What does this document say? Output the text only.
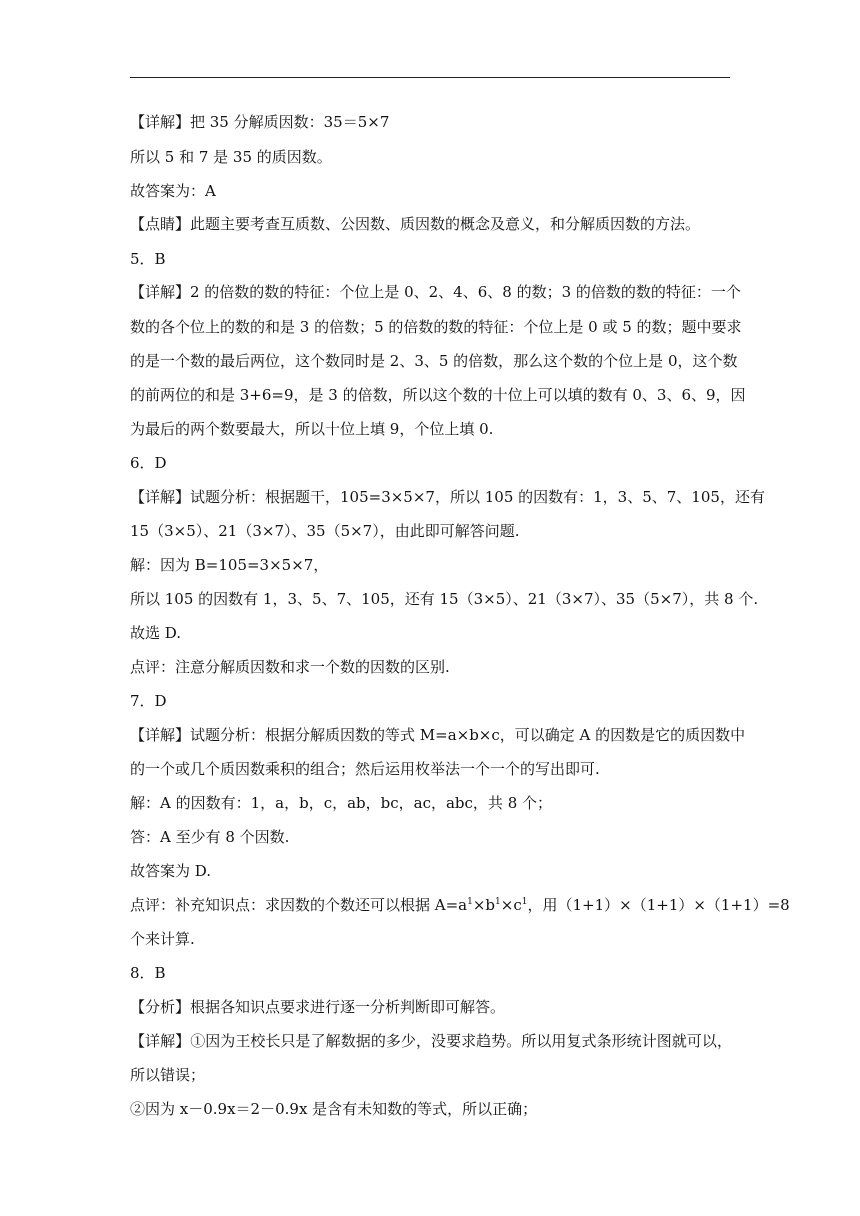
【详解】把 35 分解质因数：35＝5×7
所以 5 和 7 是 35 的质因数。
故答案为：A
【点睛】此题主要考查互质数、公因数、质因数的概念及意义，和分解质因数的方法。
5．B
【详解】2 的倍数的数的特征：个位上是 0、2、4、6、8 的数；3 的倍数的数的特征：一个
数的各个位上的数的和是 3 的倍数；5 的倍数的数的特征：个位上是 0 或 5 的数；题中要求
的是一个数的最后两位，这个数同时是 2、3、5 的倍数，那么这个数的个位上是 0，这个数
的前两位的和是 3+6=9，是 3 的倍数，所以这个数的十位上可以填的数有 0、3、6、9，因
为最后的两个数要最大，所以十位上填 9，个位上填 0.
6．D
【详解】试题分析：根据题干，105=3×5×7，所以 105 的因数有：1，3、5、7、105，还有
15（3×5）、21（3×7）、35（5×7），由此即可解答问题.
解：因为 B=105=3×5×7，
所以 105 的因数有 1，3、5、7、105，还有 15（3×5）、21（3×7）、35（5×7），共 8 个.
故选 D.
点评：注意分解质因数和求一个数的因数的区别.
7．D
【详解】试题分析：根据分解质因数的等式 M=a×b×c，可以确定 A 的因数是它的质因数中
的一个或几个质因数乘积的组合；然后运用枚举法一个一个的写出即可.
解：A 的因数有：1，a，b，c，ab，bc，ac，abc，共 8 个；
答：A 至少有 8 个因数.
故答案为 D.
点评：补充知识点：求因数的个数还可以根据 $A=a^1\times b^1\times c^1$，用（1+1）×（1+1）×（1+1）=8
个来计算.
8．B
【分析】根据各知识点要求进行逐一分析判断即可解答。
【详解】①因为王校长只是了解数据的多少，没要求趋势。所以用复式条形统计图就可以，
所以错误；
②因为 x－0.9x＝2－0.9x 是含有未知数的等式，所以正确；
